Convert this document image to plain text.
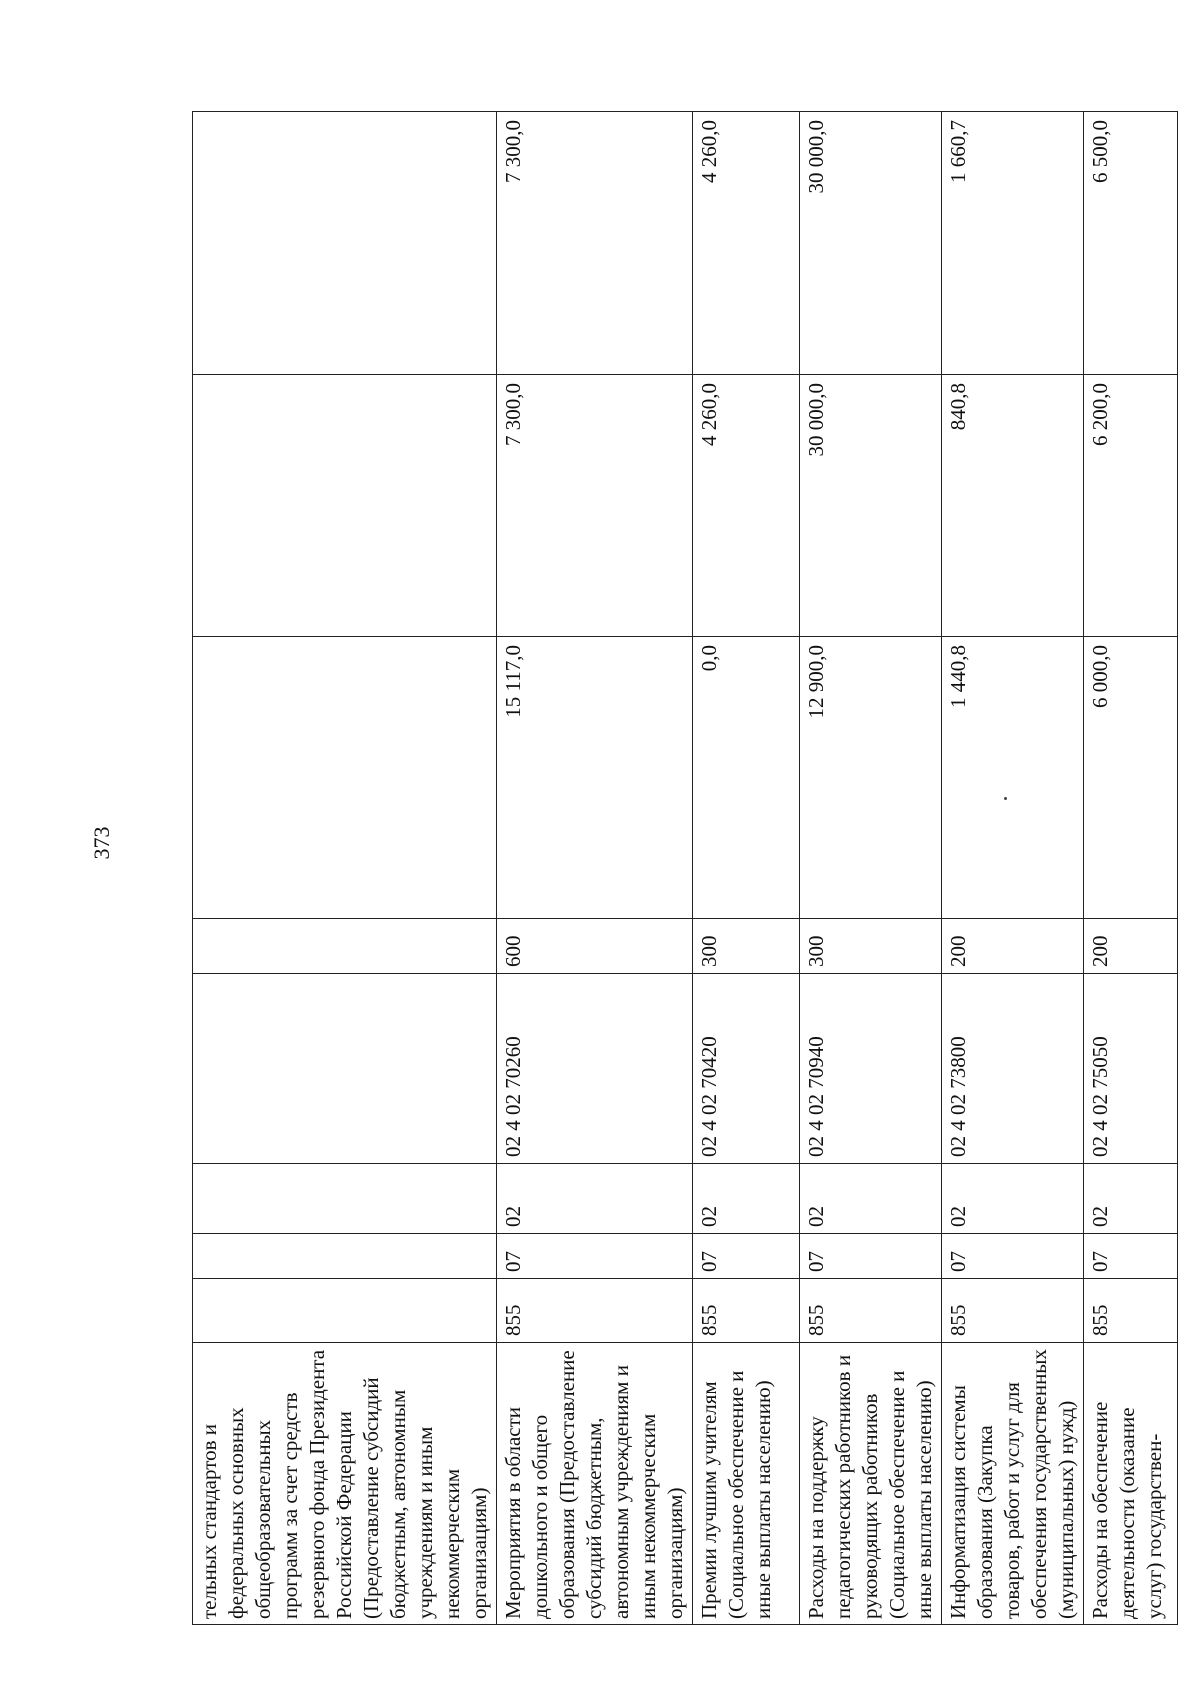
373
тельных стандартов и федеральных основных общеобразовательных программ за счет средств резервного фонда Президента Российской Федерации (Предоставление субсидий бюджетным, автономным учреждениям и иным некоммерческим организациям)								
Мероприятия в области дошкольного и общего образования (Предоставление субсидий бюджетным, автономным учреждениям и иным некоммерческим организациям)	855	07	02	02 4 02 70260	600	15 117,0	7 300,0	7 300,0
Премии лучшим учителям (Социальное обеспечение и иные выплаты населению)	855	07	02	02 4 02 70420	300	0,0	4 260,0	4 260,0
Расходы на поддержку педагогических работников и руководящих работников (Социальное обеспечение и иные выплаты населению)	855	07	02	02 4 02 70940	300	12 900,0	30 000,0	30 000,0
Информатизация системы образования (Закупка товаров, работ и услуг для обеспечения государственных (муниципальных) нужд)	855	07	02	02 4 02 73800	200	1 440,8	840,8	1 660,7
Расходы на обеспечение деятельности (оказание услуг) государствен-	855	07	02	02 4 02 75050	200	6 000,0	6 200,0	6 500,0
